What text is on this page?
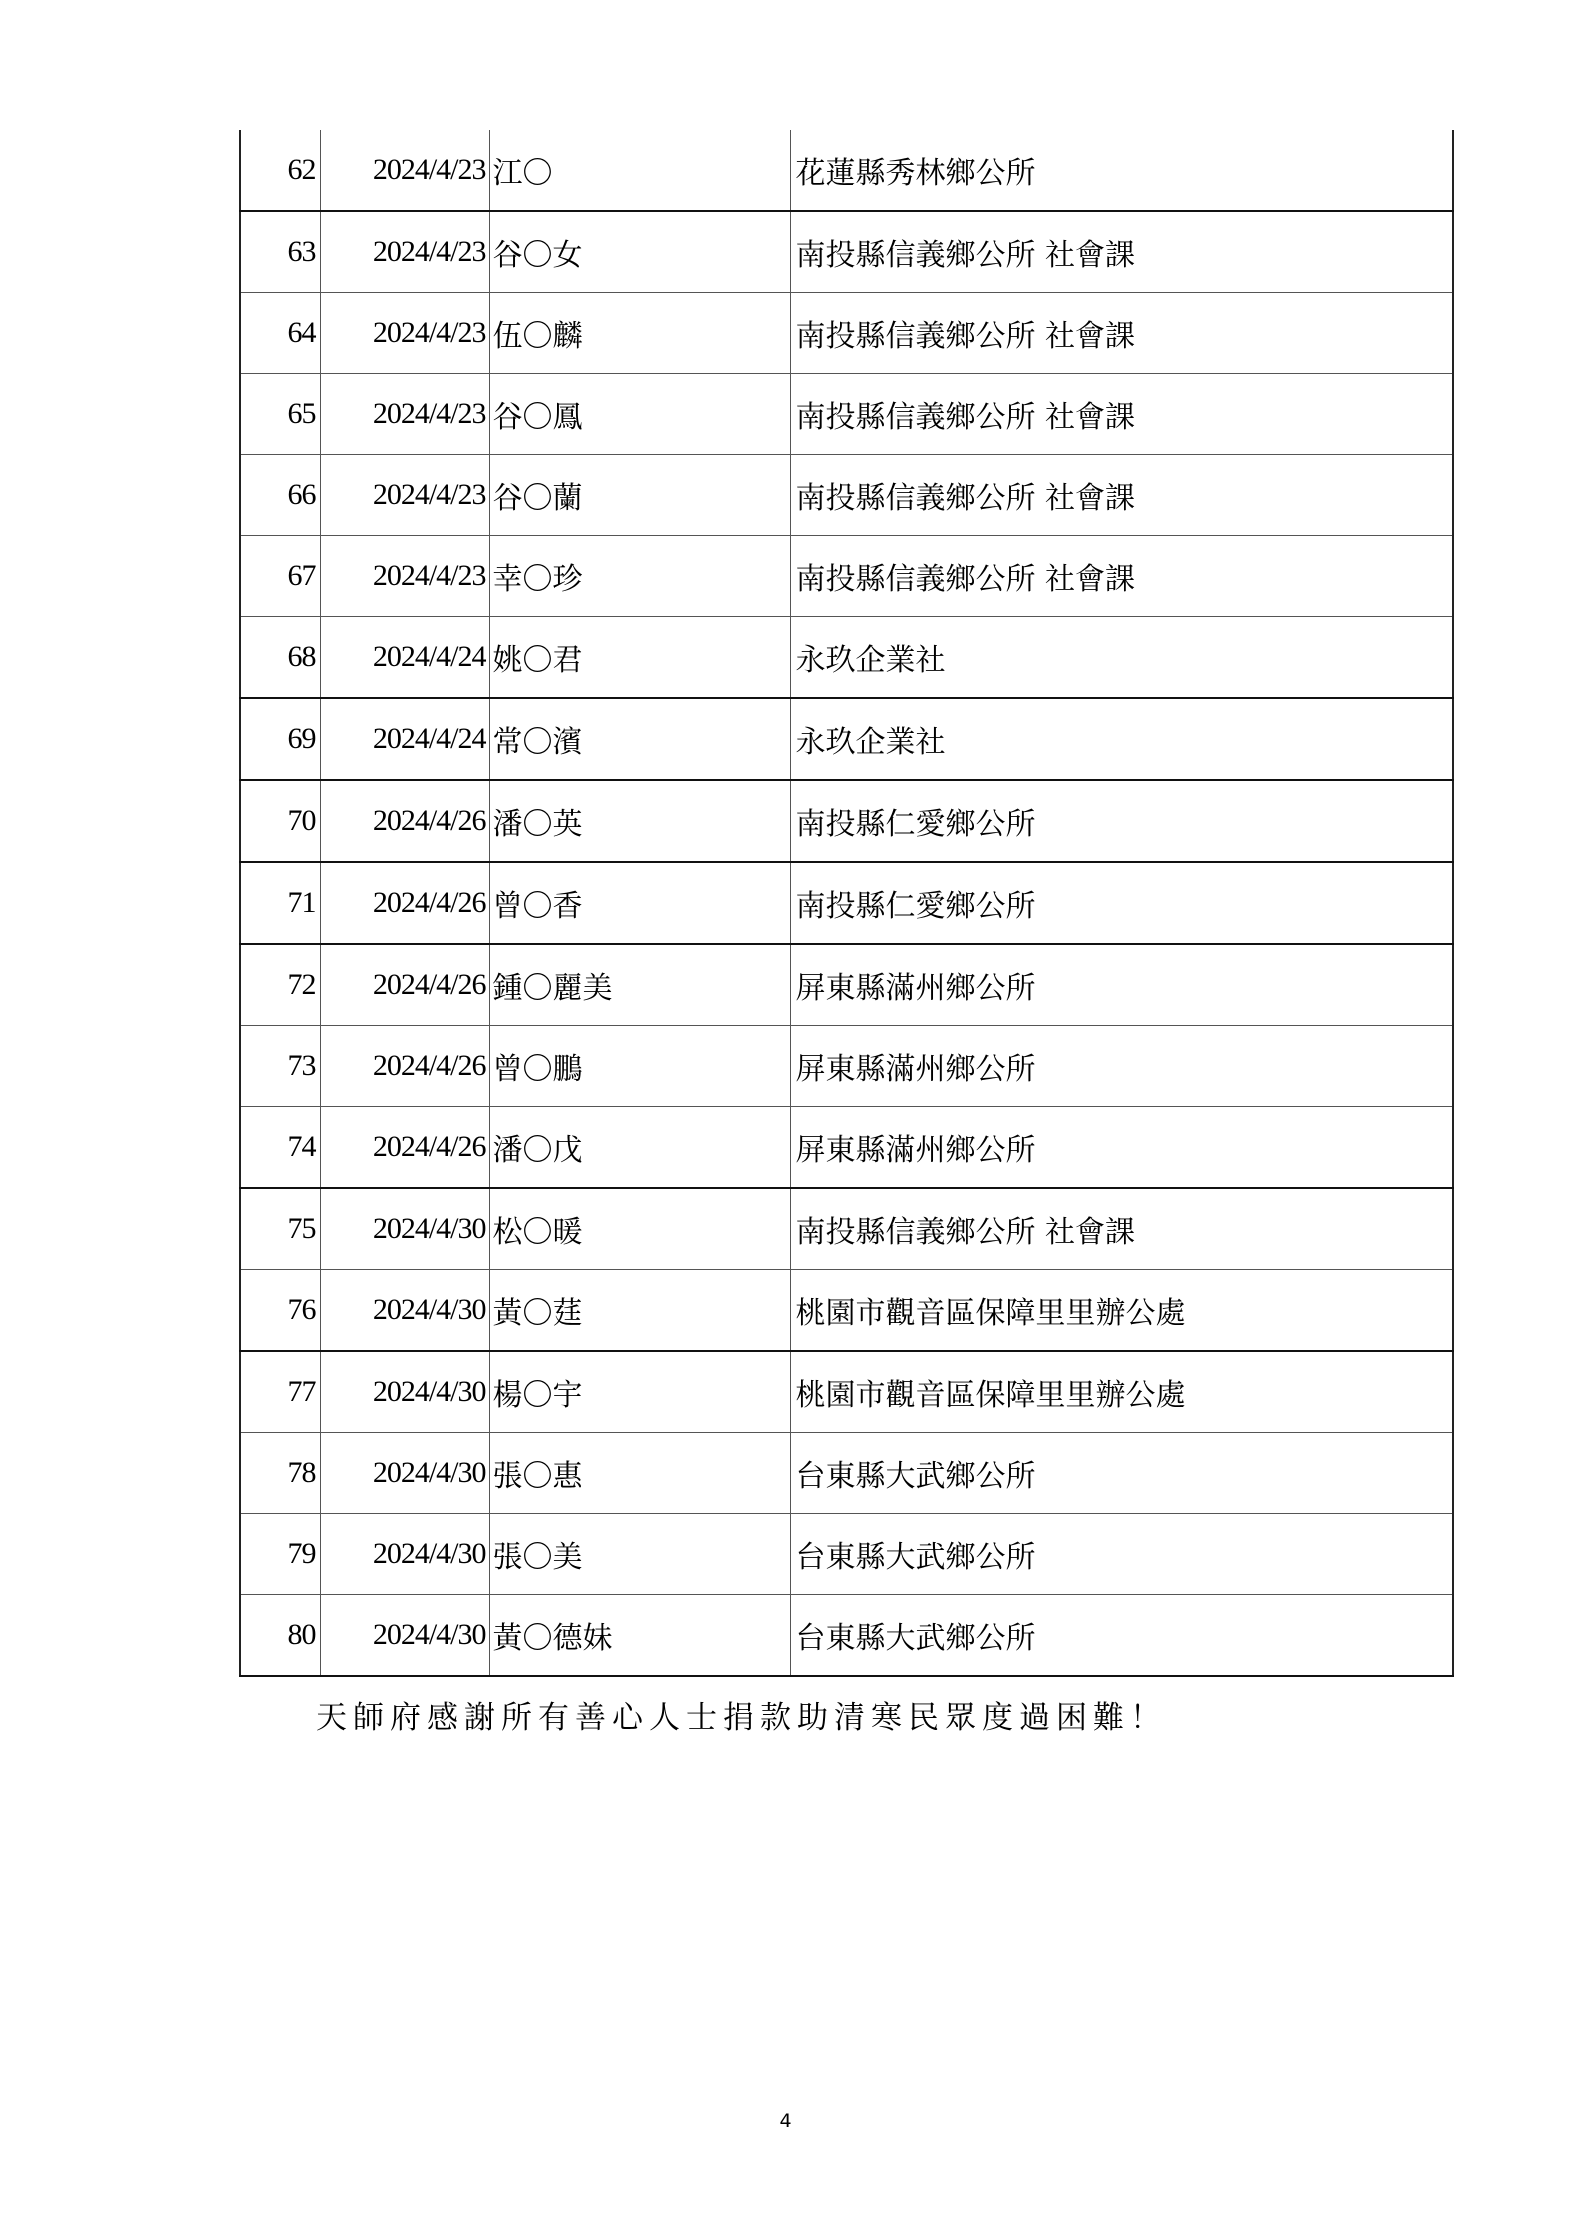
62	2024/4/23	江〇	花蓮縣秀林鄉公所
63	2024/4/23	谷〇女	南投縣信義鄉公所 社會課
64	2024/4/23	伍〇麟	南投縣信義鄉公所 社會課
65	2024/4/23	谷〇鳳	南投縣信義鄉公所 社會課
66	2024/4/23	谷〇蘭	南投縣信義鄉公所 社會課
67	2024/4/23	幸〇珍	南投縣信義鄉公所 社會課
68	2024/4/24	姚〇君	永玖企業社
69	2024/4/24	常〇濱	永玖企業社
70	2024/4/26	潘〇英	南投縣仁愛鄉公所
71	2024/4/26	曾〇香	南投縣仁愛鄉公所
72	2024/4/26	鍾〇麗美	屏東縣滿州鄉公所
73	2024/4/26	曾〇鵬	屏東縣滿州鄉公所
74	2024/4/26	潘〇戊	屏東縣滿州鄉公所
75	2024/4/30	松〇暖	南投縣信義鄉公所 社會課
76	2024/4/30	黃〇莛	桃園市觀音區保障里里辦公處
77	2024/4/30	楊〇宇	桃園市觀音區保障里里辦公處
78	2024/4/30	張〇惠	台東縣大武鄉公所
79	2024/4/30	張〇美	台東縣大武鄉公所
80	2024/4/30	黃〇德妹	台東縣大武鄉公所
天師府感謝所有善心人士捐款助清寒民眾度過困難！
4
